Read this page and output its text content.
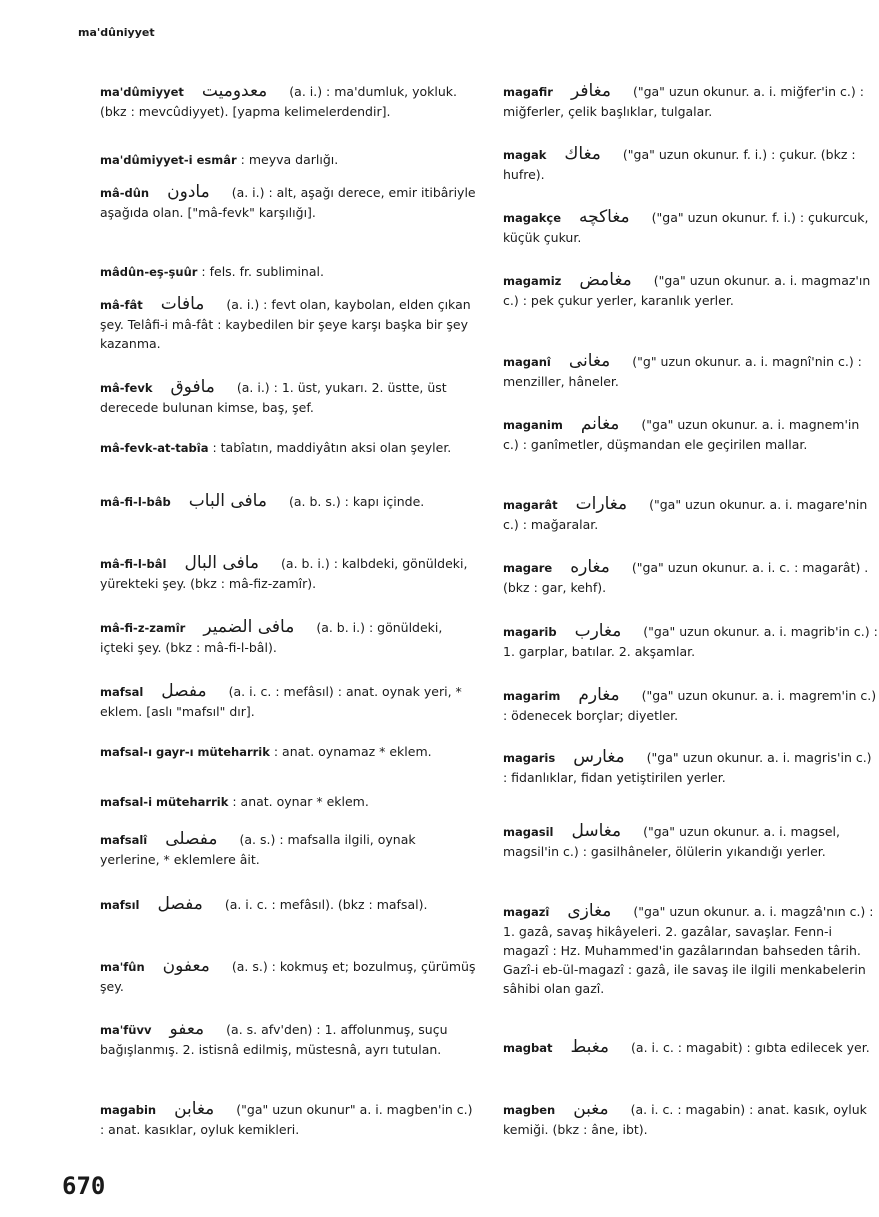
ma'dûniyyet
ma'dûmiyyet معدوميت (a. i.) : ma'dumluk, yokluk. (bkz : mevcûdiyyet). [yapma kelimelerdendir].
ma'dûmiyyet-i esmâr : meyva darlığı.
mâ-dûn مادون (a. i.) : alt, aşağı derece, emir itibâriyle aşağıda olan. ["mâ-fevk" karşılığı].
mâdûn-eş-şuûr : fels. fr. subliminal.
mâ-fât مافات (a. i.) : fevt olan, kaybolan, elden çıkan şey. Telâfi-i mâ-fât : kaybedilen bir şeye karşı başka bir şey kazanma.
mâ-fevk مافوق (a. i.) : 1. üst, yukarı. 2. üstte, üst derecede bulunan kimse, baş, şef.
mâ-fevk-at-tabîa : tabîatın, maddiyâtın aksi olan şeyler.
mâ-fi-l-bâb مافى الباب (a. b. s.) : kapı içinde.
mâ-fi-l-bâl مافى البال (a. b. i.) : kalbdeki, gönüldeki, yürekteki şey. (bkz : mâ-fiz-zamîr).
mâ-fi-z-zamîr مافى الضمير (a. b. i.) : gönüldeki, içteki şey. (bkz : mâ-fi-l-bâl).
mafsal مفصل (a. i. c. : mefâsıl) : anat. oynak yeri, * eklem. [aslı "mafsıl" dır].
mafsal-ı gayr-ı müteharrik : anat. oynamaz * eklem.
mafsal-i müteharrik : anat. oynar * eklem.
mafsalî مفصلى (a. s.) : mafsalla ilgili, oynak yerlerine, * eklemlere âit.
mafsıl مفصل (a. i. c. : mefâsıl). (bkz : mafsal).
ma'fûn معفون (a. s.) : kokmuş et; bozulmuş, çürümüş şey.
ma'füvv معفو (a. s. afv'den) : 1. affolunmuş, suçu bağışlanmış. 2. istisnâ edilmiş, müstesnâ, ayrı tutulan.
magabin مغابن ("ga" uzun okunur" a. i. magben'in c.) : anat. kasıklar, oyluk kemikleri.
magafir مغافر ("ga" uzun okunur. a. i. miğfer'in c.) : miğferler, çelik başlıklar, tulgalar.
magak مغاك ("ga" uzun okunur. f. i.) : çukur. (bkz : hufre).
magakçe مغاكچه ("ga" uzun okunur. f. i.) : çukurcuk, küçük çukur.
magamiz مغامض ("ga" uzun okunur. a. i. magmaz'ın c.) : pek çukur yerler, karanlık yerler.
maganî مغانى ("g" uzun okunur. a. i. magnî'nin c.) : menziller, hâneler.
maganim مغانم ("ga" uzun okunur. a. i. magnem'in c.) : ganîmetler, düşmandan ele geçirilen mallar.
magarât مغارات ("ga" uzun okunur. a. i. magare'nin c.) : mağaralar.
magare مغاره ("ga" uzun okunur. a. i. c. : magarât) . (bkz : gar, kehf).
magarib مغارب ("ga" uzun okunur. a. i. magrib'in c.) : 1. garplar, batılar. 2. akşamlar.
magarim مغارم ("ga" uzun okunur. a. i. magrem'in c.) : ödenecek borçlar; diyetler.
magaris مغارس ("ga" uzun okunur. a. i. magris'in c.) : fidanlıklar, fidan yetiştirilen yerler.
magasil مغاسل ("ga" uzun okunur. a. i. magsel, magsil'in c.) : gasilhâneler, ölülerin yıkandığı yerler.
magazî مغازى ("ga" uzun okunur. a. i. magzâ'nın c.) : 1. gazâ, savaş hikâyeleri. 2. gazâlar, savaşlar. Fenn-i magazî : Hz. Muhammed'in gazâlarından bahseden târih. Gazî-i eb-ül-magazî : gazâ, ile savaş ile ilgili menkabelerin sâhibi olan gazî.
magbat مغبط (a. i. c. : magabit) : gıbta edilecek yer.
magben مغبن (a. i. c. : magabin) : anat. kasık, oyluk kemiği. (bkz : âne, ibt).
670
